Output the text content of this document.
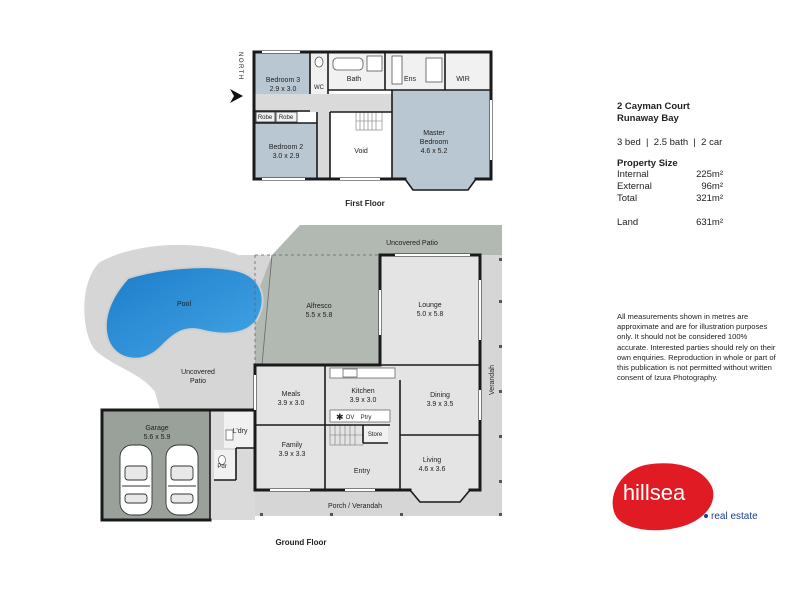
NORTH	Bedroom 3
2.9 x 3.0	WC
Bath	Ens	WIR
Robe Robe
Bedroom 2
3.0 x 2.9
Void
Master
Bedroom
4.6 x 5.2
First Floor
✱
Uncovered Patio
Pool
Uncovered
Patio
Alfresco
5.5 x 5.8
Lounge
5.0 x 5.8
Verandah
Meals
3.9 x 3.0
Kitchen
3.9 x 3.0
Dining
3.9 x 3.5
L'dry
Garage
5.6 x 5.9
Family
3.9 x 3.3
OV Ptry
Store
Pdr
Living
4.6 x 3.6
Entry
Porch / Verandah
Ground Floor
2 Cayman Court
Runaway Bay
3 bed  |  2.5 bath  |  2 car
Property Size
Internal	225m²
External	96m²
Total	321m²
Land	631m²
All measurements shown in metres are approximate and are for illustration purposes only. It should not be considered 100% accurate. Interested parties should rely on their own enquiries. Reproduction in whole or part of this publication is not permitted without written consent of Izura Photography.
hillsea
real estate
